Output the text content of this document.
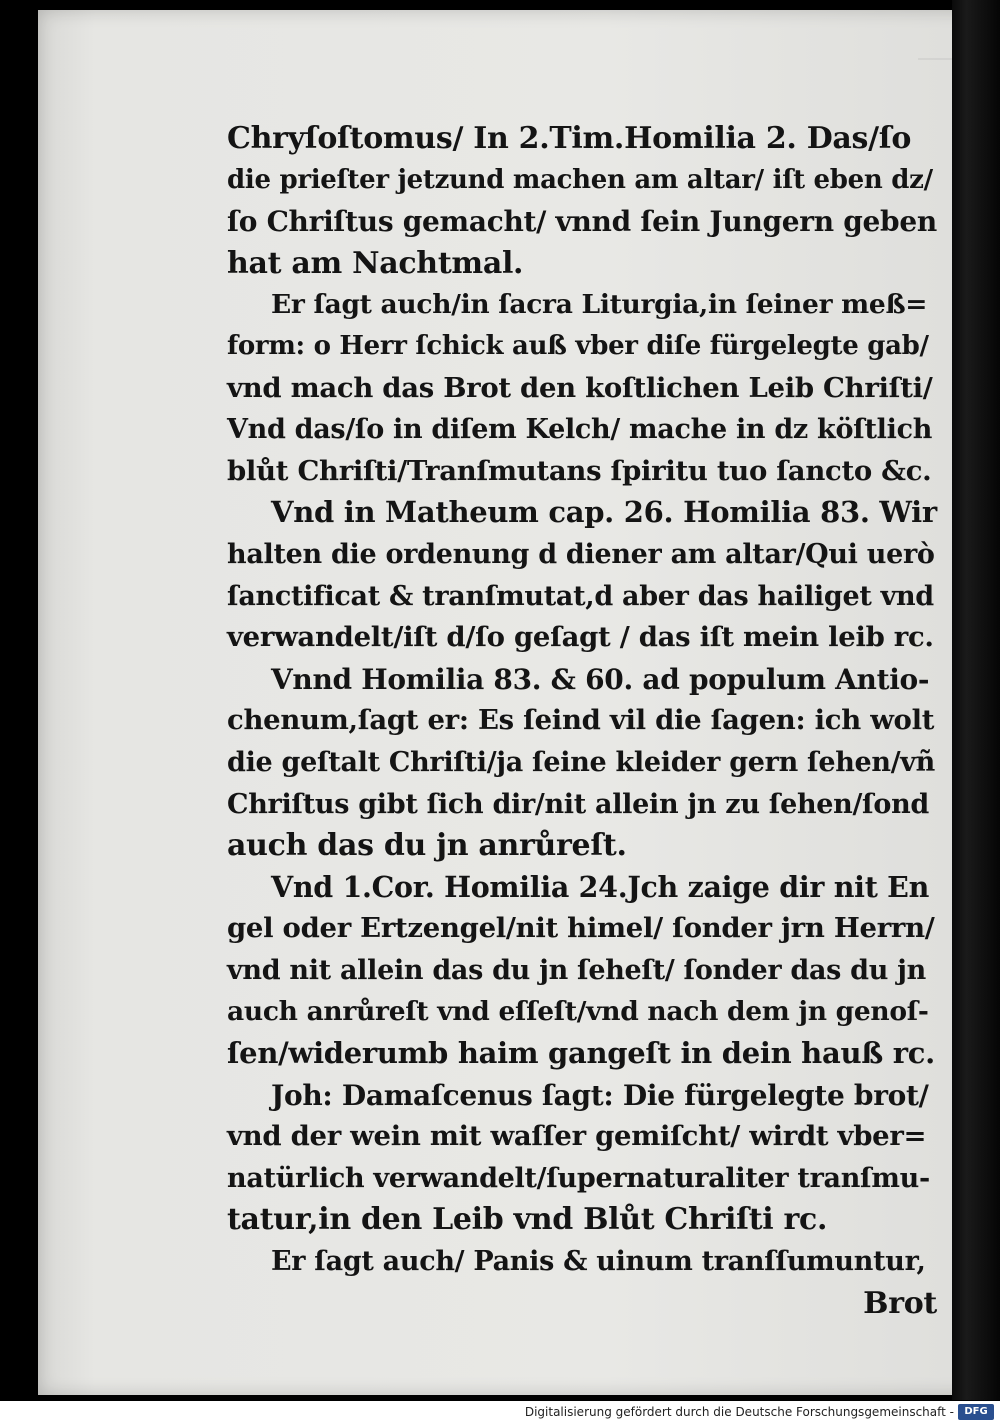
Chryſoſtomus/ In 2.Tim.Homilia 2. Das/ſo
die prieſter jetzund machen am altar/ iſt eben dz/
ſo Chriſtus gemacht/ vnnd ſein Jungern geben
hat am Nachtmal.
Er ſagt auch/in ſacra Liturgia,in ſeiner meß=
form: o Herr ſchick auß vber diſe fürgelegte gab/
vnd mach das Brot den koſtlichen Leib Chriſti/
Vnd das/ſo in diſem Kelch/ mache in dz köſtlich
blůt Chriſti/Tranſmutans ſpiritu tuo ſancto &c.
Vnd in Matheum cap. 26. Homilia 83. Wir
halten die ordenung d diener am altar/Qui uerò
ſanctificat & tranſmutat,d aber das hailiget vnd
verwandelt/iſt d/ſo geſagt / das iſt mein leib rc.
Vnnd Homilia 83. & 60. ad populum Antio-
chenum,ſagt er: Es ſeind vil die ſagen: ich wolt
die geſtalt Chriſti/ja ſeine kleider gern ſehen/vñ
Chriſtus gibt ſich dir/nit allein jn zu ſehen/ſond
auch das du jn anrůreſt.
Vnd 1.Cor. Homilia 24.Jch zaige dir nit En
gel oder Ertzengel/nit himel/ ſonder jrn Herrn/
vnd nit allein das du jn ſeheſt/ ſonder das du jn
auch anrůreſt vnd eſſeſt/vnd nach dem jn genoſ-
ſen/widerumb haim gangeſt in dein hauß rc.
Joh: Damaſcenus ſagt: Die fürgelegte brot/
vnd der wein mit waſſer gemiſcht/ wirdt vber=
natürlich verwandelt/ſupernaturaliter tranſmu-
tatur,in den Leib vnd Blůt Chriſti rc.
Er ſagt auch/ Panis & uinum tranſſumuntur,
Brot
Digitalisierung gefördert durch die Deutsche Forschungsgemeinschaft -	DFG
